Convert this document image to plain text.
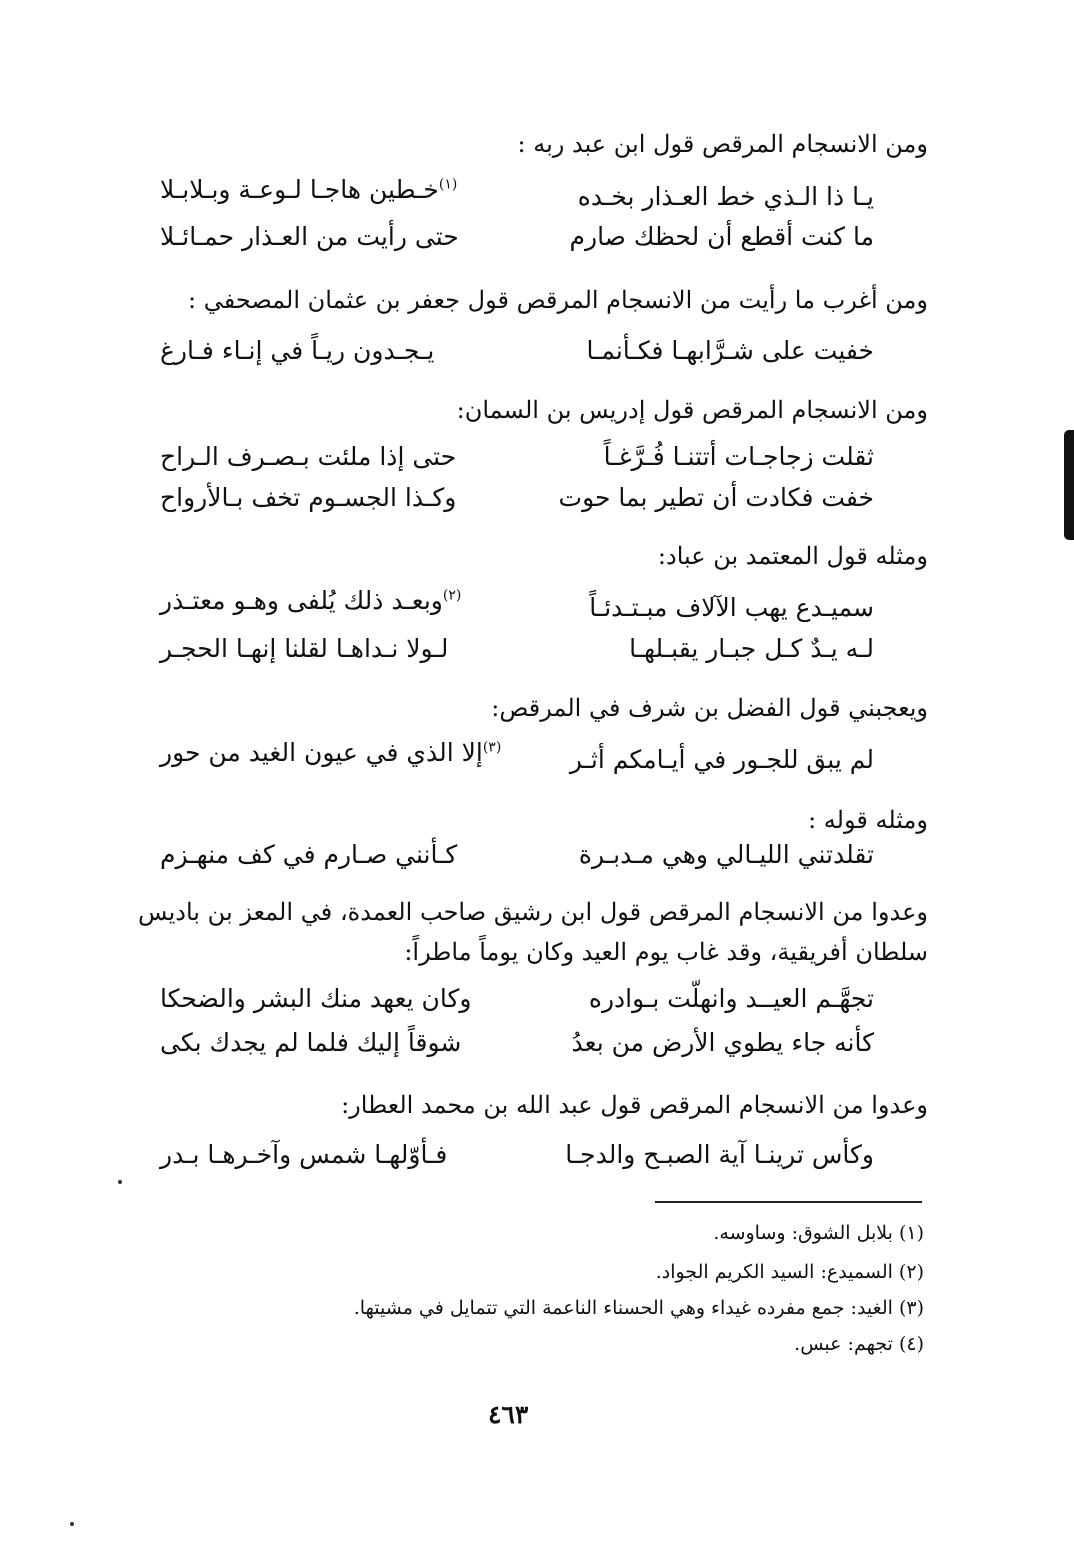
ومن الانسجام المرقص قول ابن عبد ربه :
يـا ذا الـذي خط العـذار بخـده
$^{(١)}$خـطين هاجـا لـوعـة وبـلابـلا
ما كنت أقطع أن لحظك صارم
حتى رأيت من العـذار حمـائـلا
ومن أغرب ما رأيت من الانسجام المرقص قول جعفر بن عثمان المصحفي :
خفيت على شـرَّابهـا فكـأنمـا
يـجـدون ريـاً في إنـاء فـارغ
ومن الانسجام المرقص قول إدريس بن السمان:
ثقلت زجاجـات أتتنـا فُـرَّغـاً
حتى إذا ملئت بـصـرف الـراح
خفت فكادت أن تطير بما حوت
وكـذا الجسـوم تخف بـالأرواح
ومثله قول المعتمد بن عباد:
سميـدع يهب الآلاف مبـتـدئـاً
$^{(٢)}$وبعـد ذلك يُلفى وهـو معتـذر
لـه يـدٌ كـل جبـار يقبـلهـا
لـولا نـداهـا لقلنا إنهـا الحجـر
ويعجبني قول الفضل بن شرف في المرقص:
لم يبق للجـور في أيـامكم أثـر
$^{(٣)}$إلا الذي في عيون الغيد من حور
ومثله قوله :
تقلدتني الليـالي وهي مـدبـرة
كـأنني صـارم في كف منهـزم
وعدوا من الانسجام المرقص قول ابن رشيق صاحب العمدة، في المعز بن باديس سلطان أفريقية، وقد غاب يوم العيد وكان يوماً ماطراً:
تجهَّـم العيــد وانهلّت بـوادره
وكان يعهد منك البشر والضحكا
كأنه جاء يطوي الأرض من بعدُ
شوقاً إليك فلما لم يجدك بكى
وعدوا من الانسجام المرقص قول عبد الله بن محمد العطار:
وكأس ترينـا آية الصبـح والدجـا
فـأوّلهـا شمس وآخـرهـا بـدر
(١) بلابل الشوق: وساوسه.
(٢) السميدع: السيد الكريم الجواد.
(٣) الغيد: جمع مفرده غيداء وهي الحسناء الناعمة التي تتمايل في مشيتها.
(٤) تجهم: عبس.
٤٦٣
